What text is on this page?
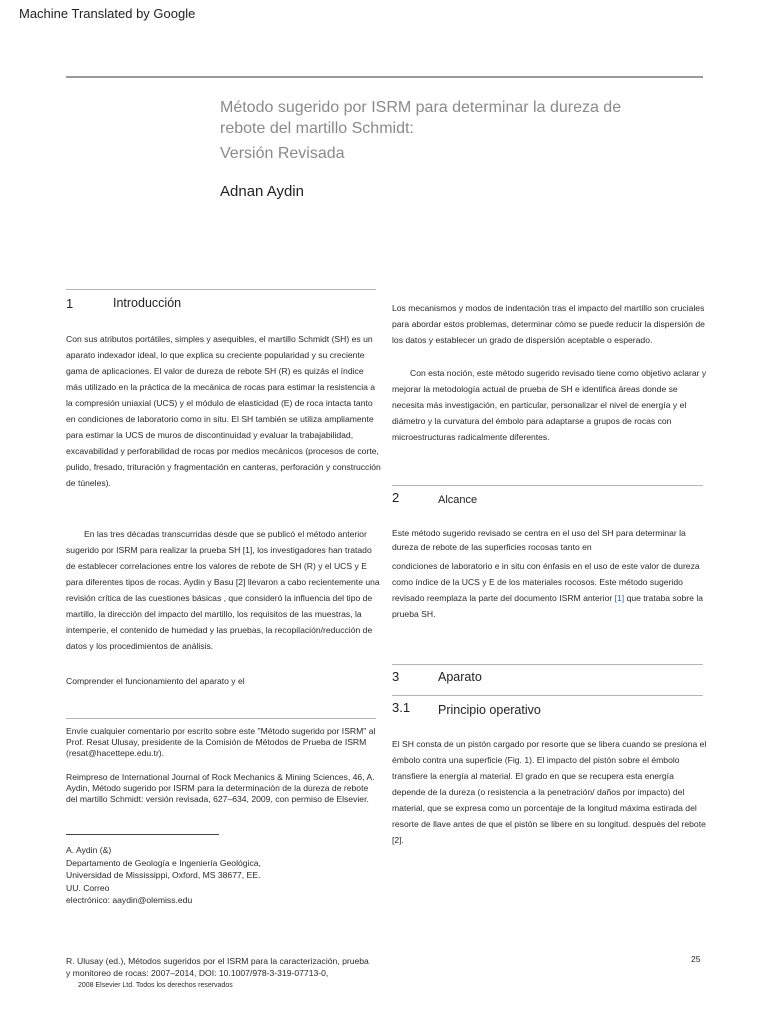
Machine Translated by Google
Método sugerido por ISRM para determinar la dureza de rebote del martillo Schmidt:
Versión Revisada
Adnan Aydin
1	Introducción

Con sus atributos portátiles, simples y asequibles, el martillo Schmidt (SH) es un aparato indexador ideal, lo que explica su creciente popularidad y su creciente gama de aplicaciones. El valor de dureza de rebote SH (R) es quizás el índice más utilizado en la práctica de la mecánica de rocas para estimar la resistencia a la compresión uniaxial (UCS) y el módulo de elasticidad (E) de roca intacta tanto en condiciones de laboratorio como in situ. El SH también se utiliza ampliamente para estimar la UCS de muros de discontinuidad y evaluar la trabajabilidad, excavabilidad y perforabilidad de rocas por medios mecánicos (procesos de corte, pulido, fresado, trituración y fragmentación en canteras, perforación y construcción de túneles).

En las tres décadas transcurridas desde que se publicó el método anterior sugerido por ISRM para realizar la prueba SH [1], los investigadores han tratado de establecer correlaciones entre los valores de rebote de SH (R) y el UCS y E para diferentes tipos de rocas. Aydin y Basu [2] llevaron a cabo recientemente una revisión crítica de las cuestiones básicas , que consideró la influencia del tipo de martillo, la dirección del impacto del martillo, los requisitos de las muestras, la intemperie, el contenido de humedad y las pruebas, la recopilación/reducción de datos y los procedimientos de análisis.

Comprender el funcionamiento del aparato y el

Envíe cualquier comentario por escrito sobre este "Método sugerido por ISRM" al Prof. Resat Ulusay, presidente de la Comisión de Métodos de Prueba de ISRM (resat@hacettepe.edu.tr).

Reimpreso de International Journal of Rock Mechanics & Mining Sciences, 46, A. Aydin, Método sugerido por ISRM para la determinación de la dureza de rebote del martillo Schmidt: versión revisada, 627–634, 2009, con permiso de Elsevier.

A. Aydin (&)

Departamento de Geología e Ingeniería Geológica,

Universidad de Mississippi, Oxford, MS 38677, EE.

UU. Correo

electrónico: aaydin@olemiss.edu

Los mecanismos y modos de indentación tras el impacto del martillo son cruciales para abordar estos problemas, determinar cómo se puede reducir la dispersión de los datos y establecer un grado de dispersión aceptable o esperado.

Con esta noción, este método sugerido revisado tiene como objetivo aclarar y mejorar la metodología actual de prueba de SH e identifica áreas donde se necesita más investigación, en particular, personalizar el nivel de energía y el diámetro y la curvatura del émbolo para adaptarse a grupos de rocas con microestructuras radicalmente diferentes.

2	Alcance

Este método sugerido revisado se centra en el uso del SH para determinar la dureza de rebote de las superficies rocosas tanto en

condiciones de laboratorio e in situ con énfasis en el uso de este valor de dureza como índice de la UCS y E de los materiales rocosos. Este método sugerido revisado reemplaza la parte del documento ISRM anterior [1] que trataba sobre la prueba SH.

3	Aparato
3.1 Principio operativo

El SH consta de un pistón cargado por resorte que se libera cuando se presiona el émbolo contra una superficie (Fig. 1). El impacto del pistón sobre el émbolo transfiere la energía al material. El grado en que se recupera esta energía depende de la dureza (o resistencia a la penetración/ daños por impacto) del material, que se expresa como un porcentaje de la longitud máxima estirada del resorte de llave antes de que el pistón se libere en su longitud. después del rebote [2].

R. Ulusay (ed.), Métodos sugeridos por el ISRM para la caracterización, prueba

y monitoreo de rocas: 2007–2014, DOI: 10.1007/978-3-319-07713-0,

2008 Elsevier Ltd. Todos los derechos reservados
25
